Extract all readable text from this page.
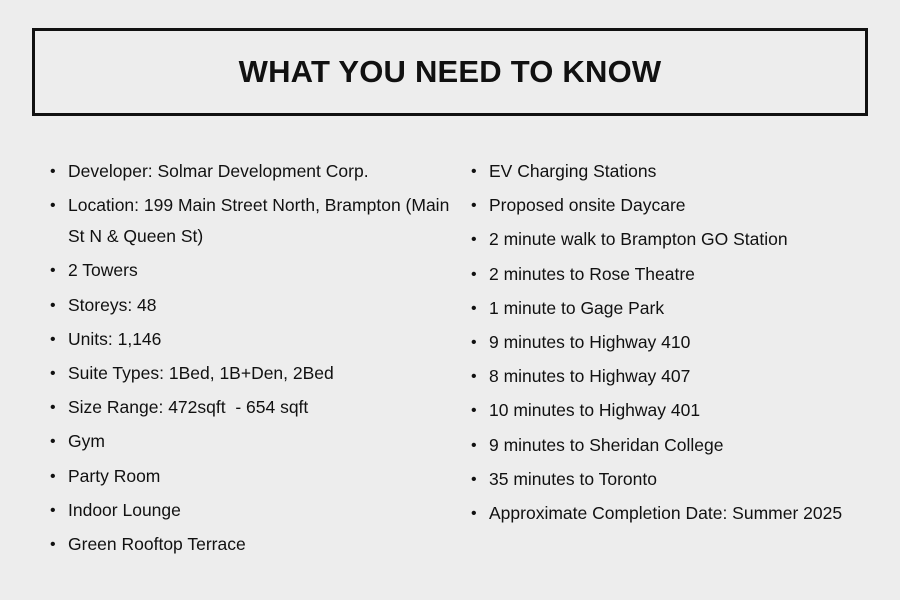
WHAT YOU NEED TO KNOW
• Developer: Solmar Development Corp.
• Location: 199 Main Street North, Brampton (Main St N & Queen St)
• 2 Towers
• Storeys: 48
• Units: 1,146
• Suite Types: 1Bed, 1B+Den, 2Bed
• Size Range: 472sqft  - 654 sqft
• Gym
• Party Room
• Indoor Lounge
• Green Rooftop Terrace
• EV Charging Stations
• Proposed onsite Daycare
• 2 minute walk to Brampton GO Station
• 2 minutes to Rose Theatre
• 1 minute to Gage Park
• 9 minutes to Highway 410
• 8 minutes to Highway 407
• 10 minutes to Highway 401
• 9 minutes to Sheridan College
• 35 minutes to Toronto
• Approximate Completion Date: Summer 2025
